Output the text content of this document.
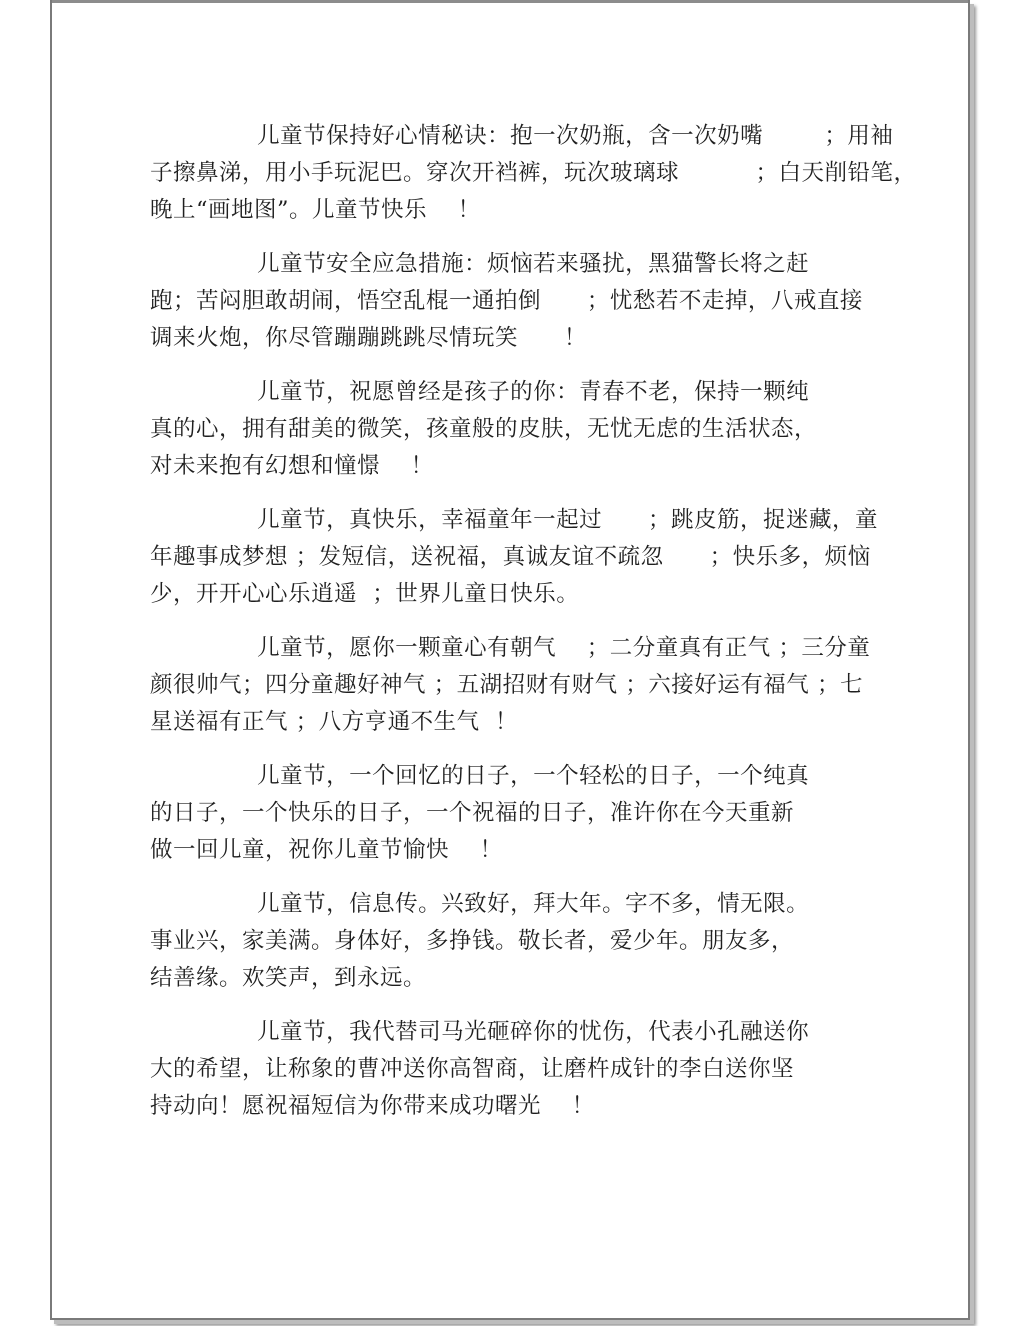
儿童节保持好心情秘诀：抱一次奶瓶，含一次奶嘴        ；用袖
子擦鼻涕，用小手玩泥巴。穿次开裆裤，玩次玻璃球          ；白天削铅笔，
晚上“画地图”。儿童节快乐    ！
儿童节安全应急措施：烦恼若来骚扰，黑猫警长将之赶
跑；苦闷胆敢胡闹，悟空乱棍一通拍倒      ；忧愁若不走掉，八戒直接
调来火炮，你尽管蹦蹦跳跳尽情玩笑      ！
儿童节，祝愿曾经是孩子的你：青春不老，保持一颗纯
真的心，拥有甜美的微笑，孩童般的皮肤，无忧无虑的生活状态，
对未来抱有幻想和憧憬    ！
儿童节，真快乐，幸福童年一起过      ；跳皮筋，捉迷藏，童
年趣事成梦想 ；发短信，送祝福，真诚友谊不疏忽      ；快乐多，烦恼
少，开开心心乐逍遥  ；世界儿童日快乐。
儿童节，愿你一颗童心有朝气    ；二分童真有正气 ；三分童
颜很帅气；四分童趣好神气 ；五湖招财有财气 ；六接好运有福气 ；七
星送福有正气 ；八方亨通不生气  ！
儿童节，一个回忆的日子，一个轻松的日子，一个纯真
的日子，一个快乐的日子，一个祝福的日子，准许你在今天重新
做一回儿童，祝你儿童节愉快    ！
儿童节，信息传。兴致好，拜大年。字不多，情无限。
事业兴，家美满。身体好，多挣钱。敬长者，爱少年。朋友多，
结善缘。欢笑声，到永远。
儿童节，我代替司马光砸碎你的忧伤，代表小孔融送你
大的希望，让称象的曹冲送你高智商，让磨杵成针的李白送你坚
持动向！愿祝福短信为你带来成功曙光    ！
